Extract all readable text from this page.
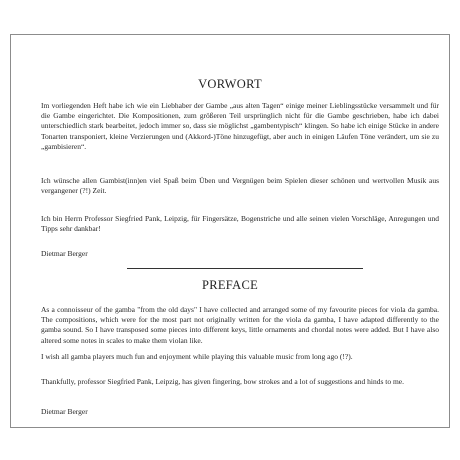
VORWORT

Im vorliegenden Heft habe ich wie ein Liebhaber der Gambe „aus alten Tagen“ einige meiner Lieblingsstücke versammelt und für die Gambe eingerichtet. Die Kompositionen, zum größeren Teil ursprünglich nicht für die Gambe geschrieben, habe ich dabei unterschiedlich stark bearbeitet, jedoch immer so, dass sie möglichst „gambentypisch“ klingen. So habe ich einige Stücke in andere Tonarten transponiert, kleine Verzierungen und (Akkord-)Töne hinzugefügt, aber auch in einigen Läufen Töne verändert, um sie zu „gambisieren“.

Ich wünsche allen Gambist(inn)en viel Spaß beim Üben und Vergnügen beim Spielen dieser schönen und wertvollen Musik aus vergangener (?!) Zeit.

Ich bin Herrn Professor Siegfried Pank, Leipzig, für Fingersätze, Bogenstriche und alle seinen vielen Vorschläge, Anregungen und Tipps sehr dankbar!

Dietmar Berger
PREFACE

As a connoisseur of the gamba "from the old days" I have collected and arranged some of my favourite pieces for viola da gamba. The compositions, which were for the most part not originally written for the viola da gamba, I have adapted differently to the gamba sound. So I have transposed some pieces into different keys, little ornaments and chordal notes were added. But I have also altered some notes in scales to make them violan like.

I wish all gamba players much fun and enjoyment while playing this valuable music from long ago (!?).

Thankfully, professor Siegfried Pank, Leipzig, has given fingering, bow strokes and a lot of suggestions and hinds to me.

Dietmar Berger
